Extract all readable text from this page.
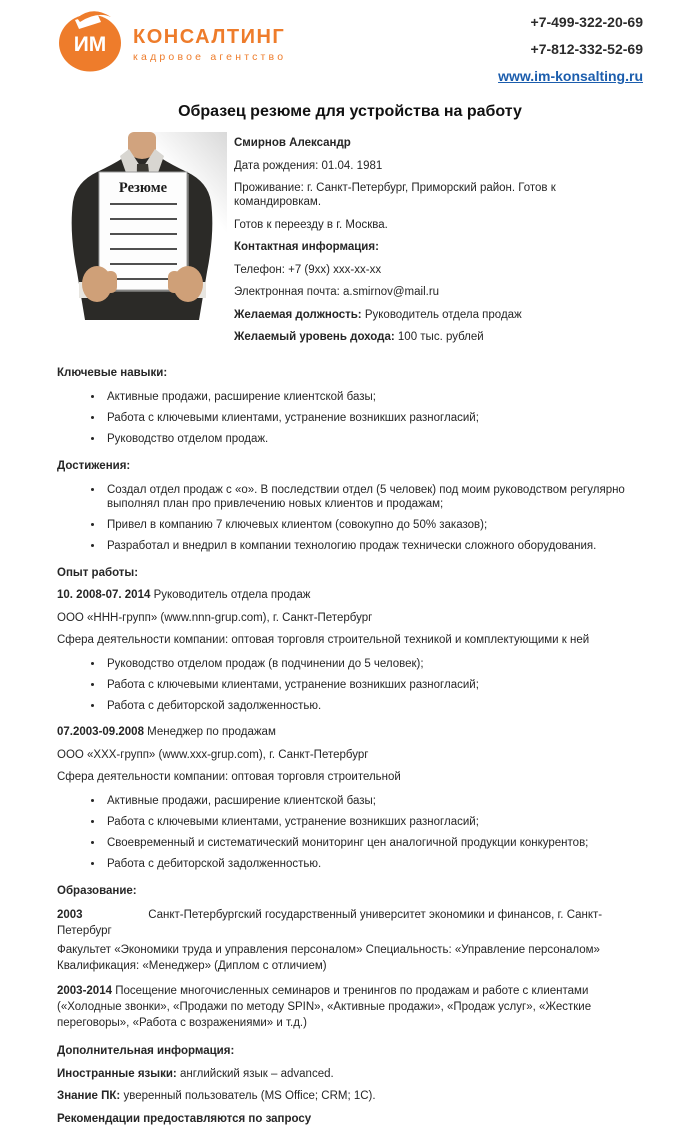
ИМ КОНСАЛТИНГ
кадровое агентство
+7-499-322-20-69
+7-812-332-52-69
www.im-konsalting.ru
Образец резюме для устройства на работу
Резюме

Смирнов Александр

Дата рождения: 01.04. 1981

Проживание: г. Санкт-Петербург, Приморский район. Готов к командировкам.

Готов к переезду в г. Москва.

Контактная информация:

Телефон: +7 (9хх) ххх-хх-хх

Электронная почта: a.smirnov@mail.ru

Желаемая должность: Руководитель отдела продаж

Желаемый уровень дохода: 100 тыс. рублей

Ключевые навыки:
• Активные продажи, расширение клиентской базы;
• Работа с ключевыми клиентами, устранение возникших разногласий;
• Руководство отделом продаж.
Достижения:
• Создал отдел продаж с «о». В последствии отдел (5 человек) под моим руководством регулярно выполнял план про привлечению новых клиентов и продажам;
• Привел в компанию 7 ключевых клиентом (совокупно до 50% заказов);
• Разработал и внедрил в компании технологию продаж технически сложного оборудования.
Опыт работы:

10. 2008-07. 2014 Руководитель отдела продаж

ООО «ННН-групп» (www.nnn-grup.com), г. Санкт-Петербург

Сфера деятельности компании: оптовая торговля строительной техникой и комплектующими к ней

• Руководство отделом продаж (в подчинении до 5 человек);
• Работа с ключевыми клиентами, устранение возникших разногласий;
• Работа с дебиторской задолженностью.

07.2003-09.2008 Менеджер по продажам

ООО «ХХХ-групп» (www.xxx-grup.com), г. Санкт-Петербург

Сфера деятельности компании: оптовая торговля строительной

• Активные продажи, расширение клиентской базы;
• Работа с ключевыми клиентами, устранение возникших разногласий;
• Своевременный и систематический мониторинг цен аналогичной продукции конкурентов;
• Работа с дебиторской задолженностью.
Образование:

2003	Санкт-Петербургский государственный университет экономики и финансов, г. Санкт-Петербург

Факультет «Экономики труда и управления персоналом» Специальность: «Управление персоналом» Квалификация: «Менеджер» (Диплом с отличием)

2003-2014 Посещение многочисленных семинаров и тренингов по продажам и работе с клиентами («Холодные звонки», «Продажи по методу SPIN», «Активные продажи», «Продаж услуг», «Жесткие переговоры», «Работа с возражениями» и т.д.)

Дополнительная информация:

Иностранные языки: английский язык – advanced.

Знание ПК: уверенный пользователь (MS Office; CRM; 1C).

Рекомендации предоставляются по запросу
